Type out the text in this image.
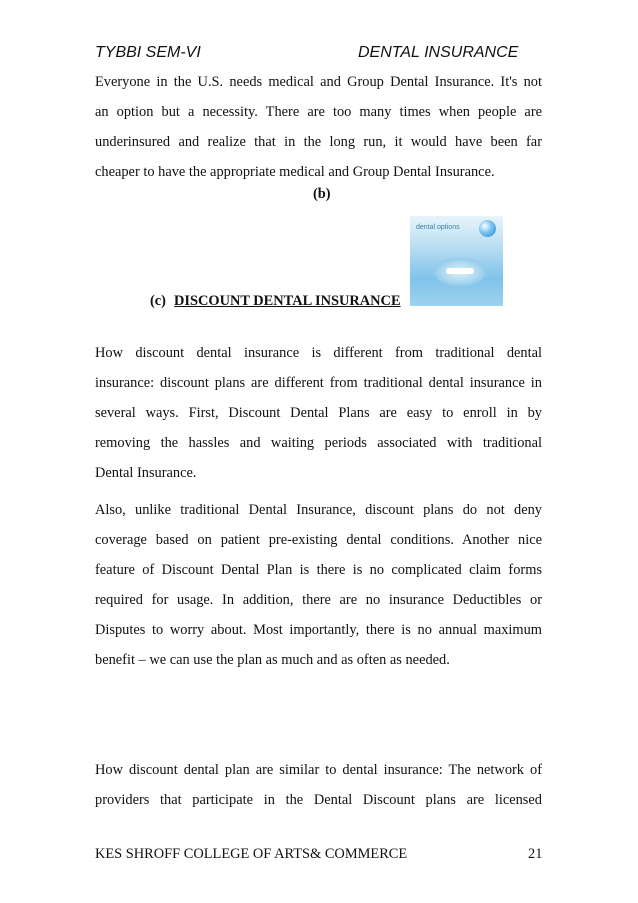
TYBBI SEM-VI	DENTAL INSURANCE
Everyone in the U.S. needs medical and Group Dental Insurance. It's not
an option but a necessity. There are too many times when people are
underinsured and realize that in the long run, it would have been far
cheaper to have the appropriate medical and Group Dental Insurance.
(b)
dental options
(c) DISCOUNT DENTAL INSURANCE
How discount dental insurance is different from traditional dental
insurance: discount plans are different from traditional dental insurance in
several ways. First, Discount Dental Plans are easy to enroll in by
removing the hassles and waiting periods associated with traditional
Dental Insurance.
Also, unlike traditional Dental Insurance, discount plans do not deny
coverage based on patient pre-existing dental conditions. Another nice
feature of Discount Dental Plan is there is no complicated claim forms
required for usage. In addition, there are no insurance Deductibles or
Disputes to worry about. Most importantly, there is no annual maximum
benefit – we can use the plan as much and as often as needed.
How discount dental plan are similar to dental insurance: The network of
providers that participate in the Dental Discount plans are licensed
KES SHROFF COLLEGE OF ARTS& COMMERCE	21
